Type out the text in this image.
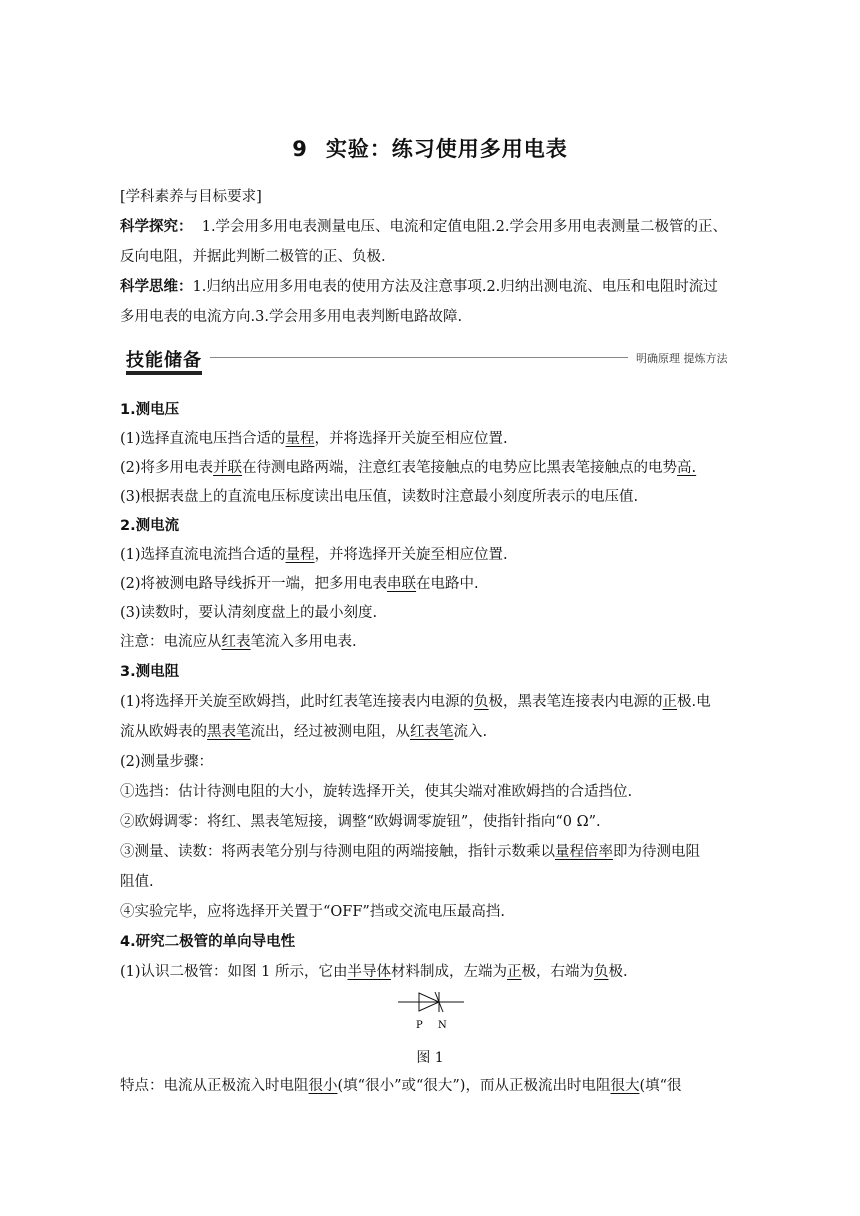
9 实验：练习使用多用电表
[学科素养与目标要求]
科学探究：  1.学会用多用电表测量电压、电流和定值电阻.2.学会用多用电表测量二极管的正、
反向电阻，并据此判断二极管的正、负极.
科学思维：1.归纳出应用多用电表的使用方法及注意事项.2.归纳出测电流、电压和电阻时流过
多用电表的电流方向.3.学会用多用电表判断电路故障.
技能储备	明确原理 提炼方法
1.测电压
(1)选择直流电压挡合适的量程，并将选择开关旋至相应位置.
(2)将多用电表并联在待测电路两端，注意红表笔接触点的电势应比黑表笔接触点的电势高.
(3)根据表盘上的直流电压标度读出电压值，读数时注意最小刻度所表示的电压值.
2.测电流
(1)选择直流电流挡合适的量程，并将选择开关旋至相应位置.
(2)将被测电路导线拆开一端，把多用电表串联在电路中.
(3)读数时，要认清刻度盘上的最小刻度.
注意：电流应从红表笔流入多用电表.
3.测电阻
(1)将选择开关旋至欧姆挡，此时红表笔连接表内电源的负极，黑表笔连接表内电源的正极.电
流从欧姆表的黑表笔流出，经过被测电阻，从红表笔流入.
(2)测量步骤：
①选挡：估计待测电阻的大小，旋转选择开关，使其尖端对准欧姆挡的合适挡位.
②欧姆调零：将红、黑表笔短接，调整“欧姆调零旋钮”，使指针指向“0 Ω”.
③测量、读数：将两表笔分别与待测电阻的两端接触，指针示数乘以量程倍率即为待测电阻
阻值.
④实验完毕，应将选择开关置于“OFF”挡或交流电压最高挡.
4.研究二极管的单向导电性
(1)认识二极管：如图 1 所示，它由半导体材料制成，左端为正极，右端为负极.
P N
图 1
特点：电流从正极流入时电阻很小(填“很小”或“很大”)，而从正极流出时电阻很大(填“很
